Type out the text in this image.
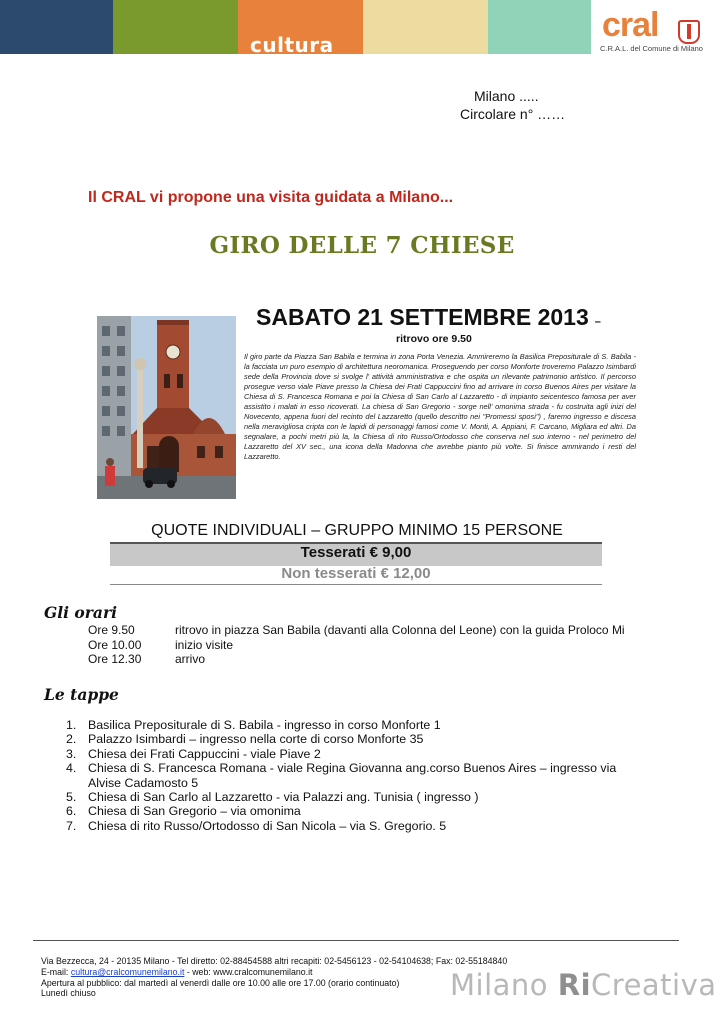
cultura
cral
C.R.A.L. del Comune di Milano
Milano .....
Circolare n° ……
Il CRAL vi propone una visita guidata a Milano...
GIRO DELLE 7 CHIESE
SABATO 21 SETTEMBRE 2013 –
ritrovo ore 9.50
Il giro parte da Piazza San Babila e termina in zona Porta Venezia. Ammireremo la Basilica Prepositurale di S. Babila - la facciata un puro esempio di architettura neoromanica. Proseguendo per corso Monforte troveremo Palazzo Isimbardi sede della Provincia dove si svolge l' attività amministrativa e che ospita un rilevante patrimonio artistico. Il percorso prosegue verso viale Piave presso la Chiesa dei Frati Cappuccini fino ad arrivare in corso Buenos Aires per visitare la Chiesa di S. Francesca Romana e poi la Chiesa di San Carlo al Lazzaretto - di impianto seicentesco famosa per aver assistito i malati in esso ricoverati. La chiesa di San Gregorio - sorge nell' omonima strada - fu costruita agli inizi del Novecento, appena fuori del recinto del Lazzaretto (quello descritto nei "Promessi sposi") , faremo ingresso e discesa nella meravigliosa cripta con le lapidi di personaggi famosi come V. Monti, A. Appiani, F. Carcano, Migliara ed altri. Da segnalare, a pochi metri più la, la Chiesa di rito Russo/Ortodosso che conserva nel suo interno - nel perimetro del Lazzaretto del XV sec., una icona della Madonna che avrebbe pianto più volte. Si finisce ammirando i resti del Lazzaretto.
QUOTE INDIVIDUALI – GRUPPO MINIMO 15 PERSONE
Tesserati € 9,00
Non tesserati € 12,00
Gli orari
Ore 9.50	ritrovo in piazza San Babila (davanti alla Colonna del Leone) con la guida Proloco Mi
Ore 10.00	inizio visite
Ore 12.30	arrivo
Le tappe
1. Basilica Prepositurale di S. Babila - ingresso in corso Monforte 1
2. Palazzo Isimbardi – ingresso nella corte di corso Monforte 35
3. Chiesa dei Frati Cappuccini - viale Piave 2
4. Chiesa di S. Francesca Romana - viale Regina Giovanna ang.corso Buenos Aires – ingresso via Alvise Cadamosto 5
5. Chiesa di San Carlo al Lazzaretto - via Palazzi ang. Tunisia ( ingresso )
6. Chiesa di San Gregorio – via omonima
7. Chiesa di rito Russo/Ortodosso di San Nicola – via S. Gregorio. 5
Via Bezzecca, 24 - 20135 Milano - Tel diretto: 02-88454588 altri recapiti: 02-5456123 - 02-54104638; Fax: 02-55184840
E-mail: cultura@cralcomunemilano.it - web: www.cralcomunemilano.it
Apertura al pubblico: dal martedì al venerdì dalle ore 10.00 alle ore 17.00 (orario continuato)
Lunedì chiuso	Milano RiCreativa
